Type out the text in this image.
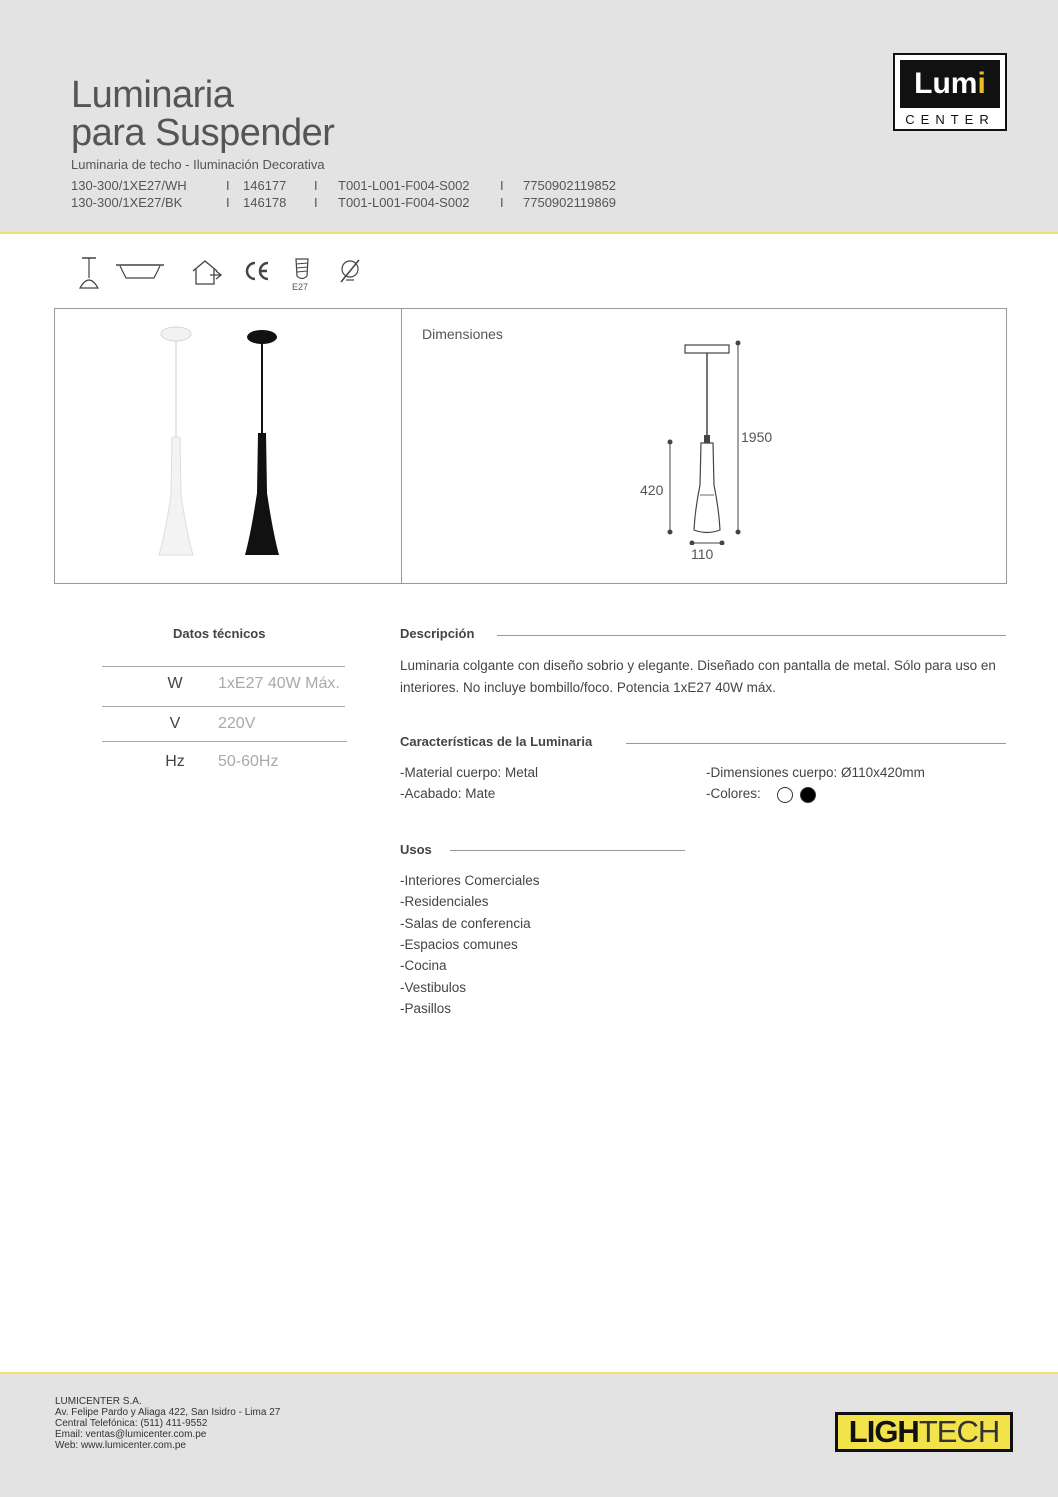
Luminaria
para Suspender
Luminaria de techo - Iluminación Decorativa
130-300/1XE27/WH	I 146177 I T001-L001-F004-S002 I 7750902119852
130-300/1XE27/BK	I 146178 I T001-L001-F004-S002 I 7750902119869
Lumi
CENTER
E27
Dimensiones
1950
420
110
Datos técnicos
W	1xE27 40W Máx.
V	220V
Hz	50-60Hz
Descripción
Luminaria colgante con diseño sobrio y elegante. Diseñado con pantalla de metal. Sólo para uso en interiores. No incluye bombillo/foco. Potencia 1xE27 40W máx.
Características de la Luminaria
-Material cuerpo: Metal
-Acabado: Mate
-Dimensiones cuerpo: Ø110x420mm
-Colores:
Usos
-Interiores Comerciales
-Residenciales
-Salas de conferencia
-Espacios comunes
-Cocina
-Vestibulos
-Pasillos
LUMICENTER S.A.
Av. Felipe Pardo y Aliaga 422, San Isidro - Lima 27
Central Telefónica: (511) 411-9552
Email: ventas@lumicenter.com.pe
Web: www.lumicenter.com.pe	LIGHTECH
